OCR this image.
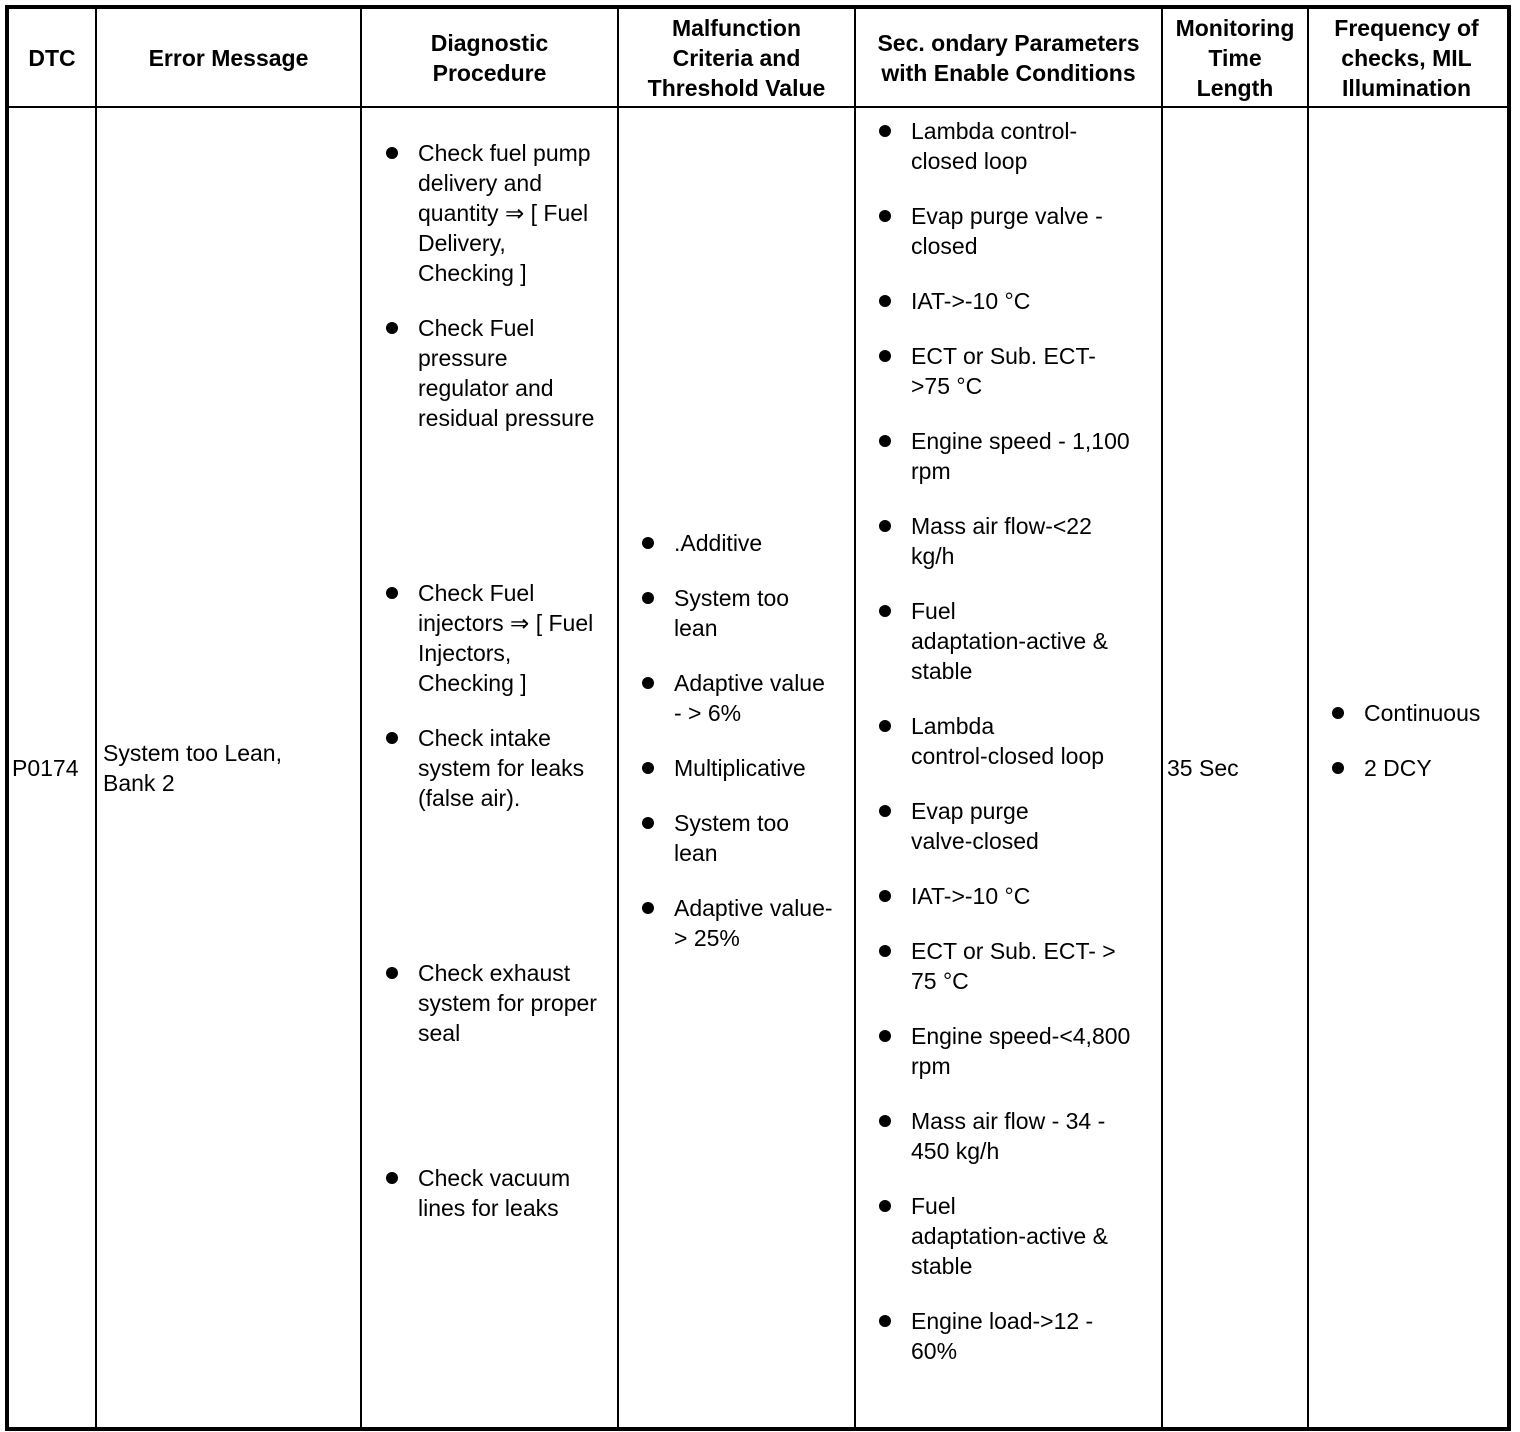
DTC	Error Message
Diagnostic
Procedure
Malfunction
Criteria and
Threshold Value
Sec. ondary Parameters
with Enable Conditions
Monitoring
Time
Length
Frequency of
checks, MIL
Illumination
P0174
System too Lean,
Bank 2
Check fuel pump
delivery and
quantity ⇒ [ Fuel
Delivery,
Checking ]
Check Fuel
pressure
regulator and
residual pressure
Check Fuel
injectors ⇒ [ Fuel
Injectors,
Checking ]
Check intake
system for leaks
(false air).
Check exhaust
system for proper
seal
Check vacuum
lines for leaks
.Additive
System too
lean
Adaptive value
- > 6%
Multiplicative
System too
lean
Adaptive value-
> 25%
Lambda control-
closed loop
Evap purge valve -
closed
IAT->-10 °C
ECT or Sub. ECT-
>75 °C
Engine speed - 1,100
rpm
Mass air flow-<22
kg/h
Fuel
adaptation-active &
stable
Lambda
control-closed loop
Evap purge
valve-closed
IAT->-10 °C
ECT or Sub. ECT- >
75 °C
Engine speed-<4,800
rpm
Mass air flow - 34 -
450 kg/h
Fuel
adaptation-active &
stable
Engine load->12 -
60%
35 Sec
Continuous
2 DCY
